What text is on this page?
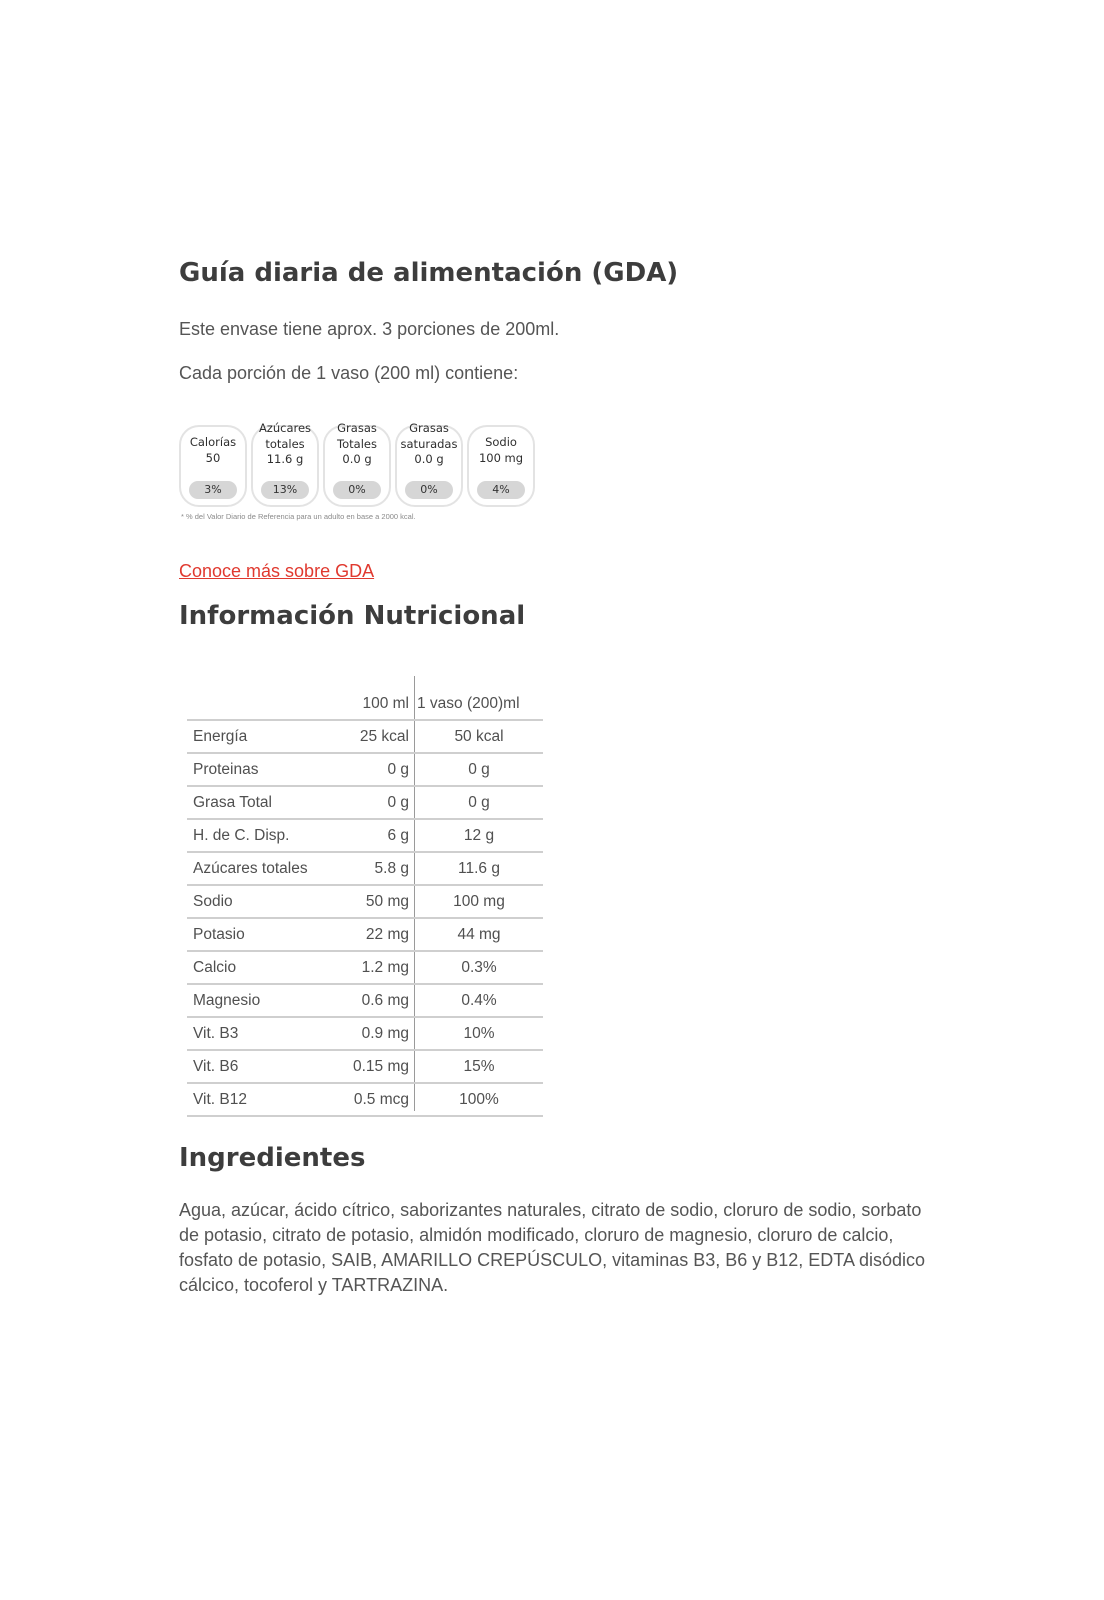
Guía diaria de alimentación (GDA)

Este envase tiene aprox. 3 porciones de 200ml.

Cada porción de 1 vaso (200 ml) contiene:

Calorías
50
3%
Azúcares
totales
11.6 g
13%
Grasas
Totales
0.0 g
0%
Grasas
saturadas
0.0 g
0%
Sodio
100 mg
4%
* % del Valor Diario de Referencia para un adulto en base a 2000 kcal.
Conoce más sobre GDA
Información Nutricional
100 ml 1 vaso (200)ml
Energía	25 kcal	50 kcal
Proteinas	0 g	0 g
Grasa Total	0 g	0 g
H. de C. Disp.	6 g	12 g
Azúcares totales	5.8 g	11.6 g
Sodio	50 mg	100 mg
Potasio	22 mg	44 mg
Calcio	1.2 mg	0.3%
Magnesio	0.6 mg	0.4%
Vit. B3	0.9 mg	10%
Vit. B6	0.15 mg	15%
Vit. B12	0.5 mcg	100%
Ingredientes

Agua, azúcar, ácido cítrico, saborizantes naturales, citrato de sodio, cloruro de sodio, sorbato de potasio, citrato de potasio, almidón modificado, cloruro de magnesio, cloruro de calcio, fosfato de potasio, SAIB, AMARILLO CREPÚSCULO, vitaminas B3, B6 y B12, EDTA disódico cálcico, tocoferol y TARTRAZINA.
